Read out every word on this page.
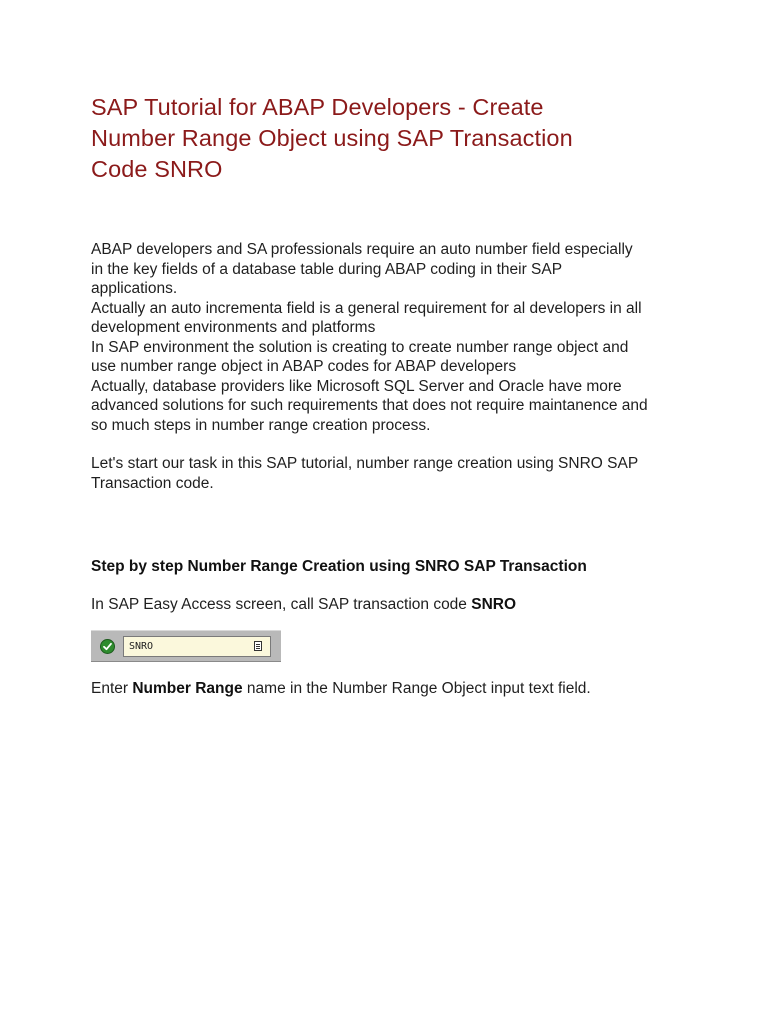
SAP Tutorial for ABAP Developers - Create
Number Range Object using SAP Transaction
Code SNRO
ABAP developers and SA professionals require an auto number field especially
in the key fields of a database table during ABAP coding in their SAP
applications.
Actually an auto incrementa field is a general requirement for al developers in all
development environments and platforms
In SAP environment the solution is creating to create number range object and
use number range object in ABAP codes for ABAP developers
Actually, database providers like Microsoft SQL Server and Oracle have more
advanced solutions for such requirements that does not require maintanence and
so much steps in number range creation process.
Let's start our task in this SAP tutorial, number range creation using SNRO SAP
Transaction code.
Step by step Number Range Creation using SNRO SAP Transaction
In SAP Easy Access screen, call SAP transaction code SNRO
SNRO
Enter Number Range name in the Number Range Object input text field.
